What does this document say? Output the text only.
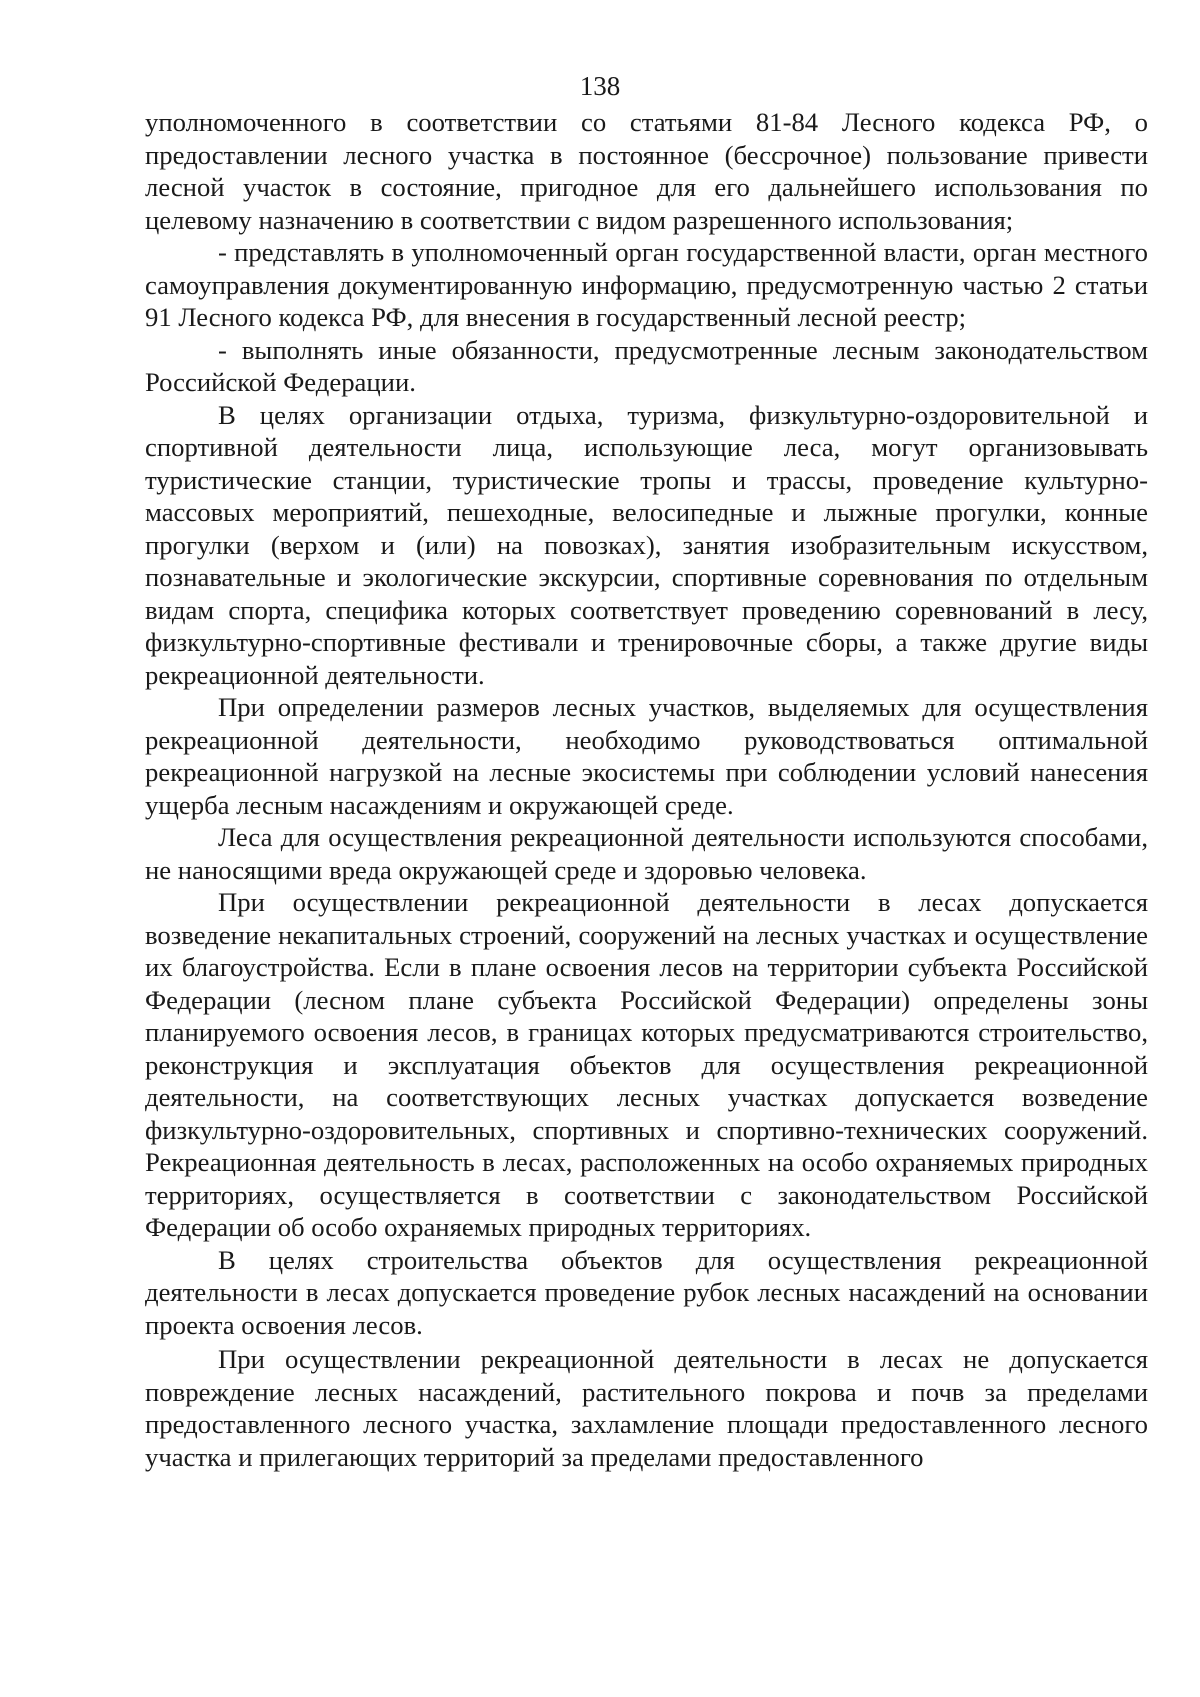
138

уполномоченного в соответствии со статьями 81-84 Лесного кодекса РФ, о предоставлении лесного участка в постоянное (бессрочное) пользование привести лесной участок в состояние, пригодное для его дальнейшего использования по целевому назначению в соответствии с видом разрешенного использования;

- представлять в уполномоченный орган государственной власти, орган местного самоуправления документированную информацию, предусмотренную частью 2 статьи 91 Лесного кодекса РФ, для внесения в государственный лесной реестр;

- выполнять иные обязанности, предусмотренные лесным законодательством Российской Федерации.

В целях организации отдыха, туризма, физкультурно-оздоровительной и спортивной деятельности лица, использующие леса, могут организовывать туристические станции, туристические тропы и трассы, проведение культурно-массовых мероприятий, пешеходные, велосипедные и лыжные прогулки, конные прогулки (верхом и (или) на повозках), занятия изобразительным искусством, познавательные и экологические экскурсии, спортивные соревнования по отдельным видам спорта, специфика которых соответствует проведению соревнований в лесу, физкультурно-спортивные фестивали и тренировочные сборы, а также другие виды рекреационной деятельности.

При определении размеров лесных участков, выделяемых для осуществления рекреационной деятельности, необходимо руководствоваться оптимальной рекреационной нагрузкой на лесные экосистемы при соблюдении условий нанесения ущерба лесным насаждениям и окружающей среде.

Леса для осуществления рекреационной деятельности используются способами, не наносящими вреда окружающей среде и здоровью человека.

При осуществлении рекреационной деятельности в лесах допускается возведение некапитальных строений, сооружений на лесных участках и осуществление их благоустройства. Если в плане освоения лесов на территории субъекта Российской Федерации (лесном плане субъекта Российской Федерации) определены зоны планируемого освоения лесов, в границах которых предусматриваются строительство, реконструкция и эксплуатация объектов для осуществления рекреационной деятельности, на соответствующих лесных участках допускается возведение физкультурно-оздоровительных, спортивных и спортивно-технических сооружений. Рекреационная деятельность в лесах, расположенных на особо охраняемых природных территориях, осуществляется в соответствии с законодательством Российской Федерации об особо охраняемых природных территориях.

В целях строительства объектов для осуществления рекреационной деятельности в лесах допускается проведение рубок лесных насаждений на основании проекта освоения лесов.

При осуществлении рекреационной деятельности в лесах не допускается повреждение лесных насаждений, растительного покрова и почв за пределами предоставленного лесного участка, захламление площади предоставленного лесного участка и прилегающих территорий за пределами предоставленного
